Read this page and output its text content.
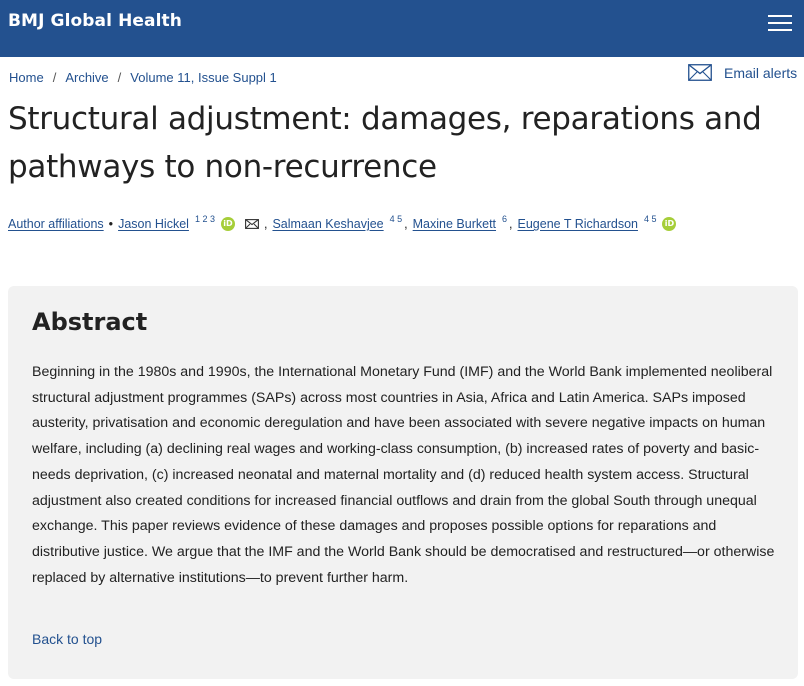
BMJ Global Health
Home / Archive / Volume 11, Issue Suppl 1	Email alerts
Structural adjustment: damages, reparations and pathways to non-recurrence
Author affiliations • Jason Hickel $^{1 2 3}$ iD	, Salmaan Keshavjee $^{4 5}$ , Maxine Burkett $^6$ , Eugene T Richardson $^{4 5}$ iD
Abstract

Beginning in the 1980s and 1990s, the International Monetary Fund (IMF) and the World Bank implemented neoliberal structural adjustment programmes (SAPs) across most countries in Asia, Africa and Latin America. SAPs imposed austerity, privatisation and economic deregulation and have been associated with severe negative impacts on human welfare, including (a) declining real wages and working-class consumption, (b) increased rates of poverty and basic-needs deprivation, (c) increased neonatal and maternal mortality and (d) reduced health system access. Structural adjustment also created conditions for increased financial outflows and drain from the global South through unequal exchange. This paper reviews evidence of these damages and proposes possible options for reparations and distributive justice. We argue that the IMF and the World Bank should be democratised and restructured—or otherwise replaced by alternative institutions—to prevent further harm.

Back to top
